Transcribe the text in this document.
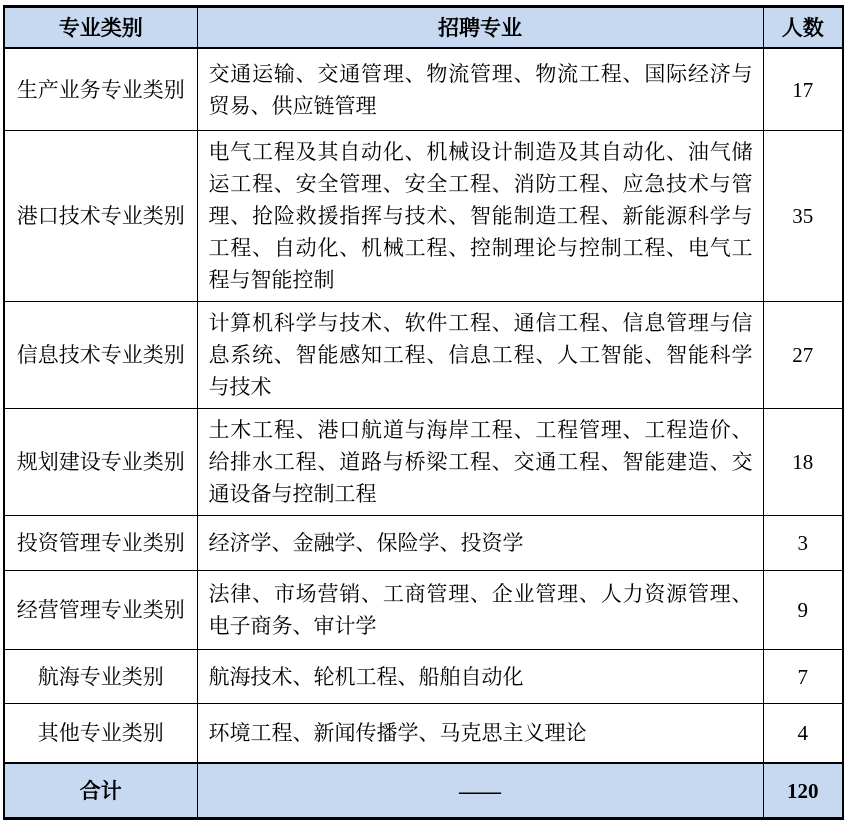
专业类别	招聘专业	人数
生产业务专业类别	交通运输、交通管理、物流管理、物流工程、国际经济与贸易、供应链管理	17
港口技术专业类别	电气工程及其自动化、机械设计制造及其自动化、油气储运工程、安全管理、安全工程、消防工程、应急技术与管理、抢险救援指挥与技术、智能制造工程、新能源科学与工程、自动化、机械工程、控制理论与控制工程、电气工程与智能控制	35
信息技术专业类别	计算机科学与技术、软件工程、通信工程、信息管理与信息系统、智能感知工程、信息工程、人工智能、智能科学与技术	27
规划建设专业类别	土木工程、港口航道与海岸工程、工程管理、工程造价、给排水工程、道路与桥梁工程、交通工程、智能建造、交通设备与控制工程	18
投资管理专业类别	经济学、金融学、保险学、投资学	3
经营管理专业类别	法律、市场营销、工商管理、企业管理、人力资源管理、电子商务、审计学	9
航海专业类别	航海技术、轮机工程、船舶自动化	7
其他专业类别	环境工程、新闻传播学、马克思主义理论	4
合计	——	120
